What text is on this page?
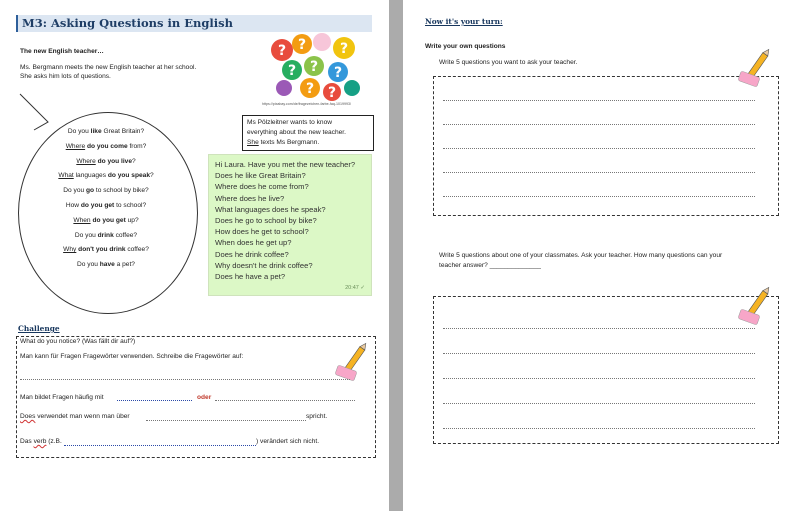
M3: Asking Questions in English
The new English teacher…
Ms. Bergmann meets the new English teacher at her school.
She asks him lots of questions.
? ? ?
? ? ?
? ?
https://pixabay.com/de/fragezeichen-farbe-faq-1019993/
Do you like Great Britain?
Where do you come from?
Where do you live?
What languages do you speak?
Do you go to school by bike?
How do you get to school?
When do you get up?
Do you drink coffee?
Why don't you drink coffee?
Do you have a pet?
Ms Pölzleitner wants to know
everything about the new teacher.
She texts Ms Bergmann.
Hi Laura. Have you met the new teacher?
Does he like Great Britain?
Where does he come from?
Where does he live?
What languages does he speak?
Does he go to school by bike?
How does he get to school?
When does he get up?
Does he drink coffee?
Why doesn't he drink coffee?
Does he have a pet?
20:47 ✓
Challenge
What do you notice? (Was fällt dir auf?)
Man kann für Fragen Fragewörter verwenden. Schreibe die Fragewörter auf:
Man bildet Fragen häufig mit	oder
Does verwendet man wenn man über	spricht.
Das verb (z.B.	) verändert sich nicht.
Now it's your turn:
Write your own questions
Write 5 questions you want to ask your teacher.
Write 5 questions about one of your classmates. Ask your teacher. How many questions can your
teacher answer? ______________
